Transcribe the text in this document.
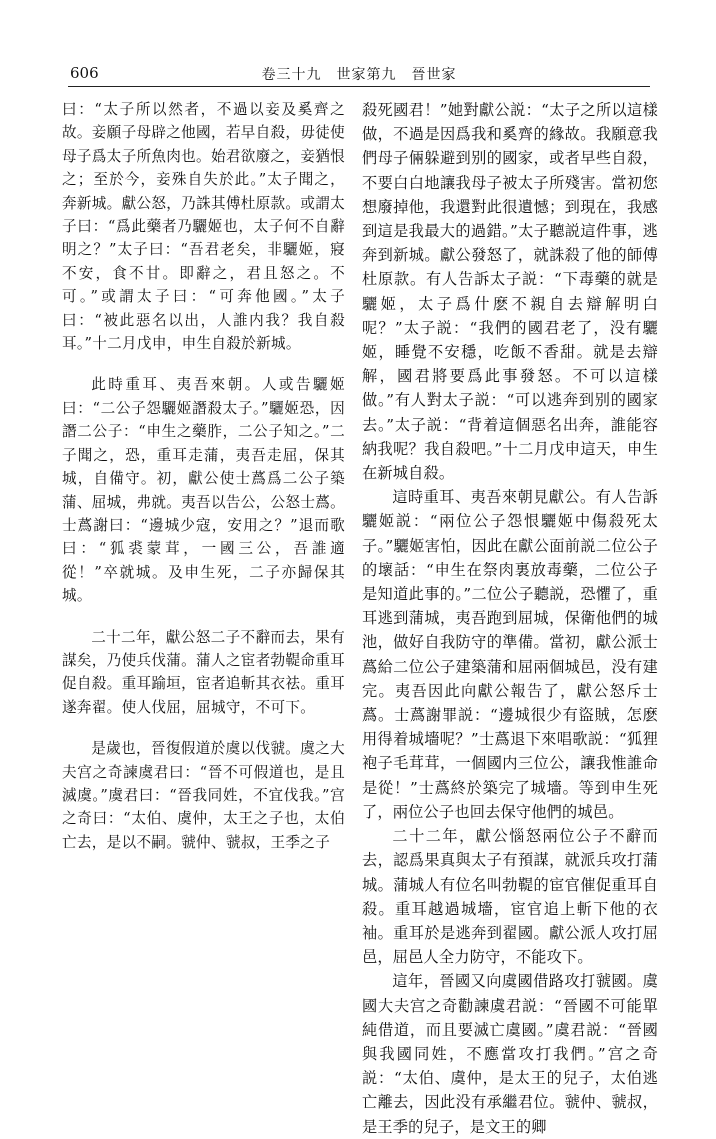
606	卷三十九　世家第九　晉世家

曰：“太子所以然者，不過以妾及奚齊之故。妾願子母辟之他國，若早自殺，毋徒使母子爲太子所魚肉也。始君欲廢之，妾猶恨之；至於今，妾殊自失於此。”太子聞之，奔新城。獻公怒，乃誅其傅杜原款。或謂太子曰：“爲此藥者乃驪姬也，太子何不自辭明之？”太子曰：“吾君老矣，非驪姬，寢不安，食不甘。即辭之，君且怒之。不可。”或謂太子曰：“可奔他國。”太子曰：“被此惡名以出，人誰内我？我自殺耳。”十二月戊申，申生自殺於新城。

此時重耳、夷吾來朝。人或告驪姬曰：“二公子怨驪姬譖殺太子。”驪姬恐，因譖二公子：“申生之藥胙，二公子知之。”二子聞之，恐，重耳走蒲，夷吾走屈，保其城，自備守。初，獻公使士蔿爲二公子築蒲、屈城，弗就。夷吾以告公，公怒士蔿。士蔿謝曰：“邊城少寇，安用之？”退而歌曰：“狐裘蒙茸，一國三公，吾誰適從！”卒就城。及申生死，二子亦歸保其城。

二十二年，獻公怒二子不辭而去，果有謀矣，乃使兵伐蒲。蒲人之宦者勃鞮命重耳促自殺。重耳踰垣，宦者追斬其衣祛。重耳遂奔翟。使人伐屈，屈城守，不可下。

是歲也，晉復假道於虞以伐虢。虞之大夫宫之奇諫虞君曰：“晉不可假道也，是且滅虞。”虞君曰：“晉我同姓，不宜伐我。”宫之奇曰：“太伯、虞仲，太王之子也，太伯亡去，是以不嗣。虢仲、虢叔，王季之子

殺死國君！”她對獻公説：“太子之所以這樣做，不過是因爲我和奚齊的緣故。我願意我們母子倆躲避到别的國家，或者早些自殺，不要白白地讓我母子被太子所殘害。當初您想廢掉他，我還對此很遺憾；到現在，我感到這是我最大的過錯。”太子聽説這件事，逃奔到新城。獻公發怒了，就誅殺了他的師傅杜原款。有人告訴太子説：“下毒藥的就是驪姬，太子爲什麽不親自去辯解明白呢？”太子説：“我們的國君老了，没有驪姬，睡覺不安穩，吃飯不香甜。就是去辯解，國君將要爲此事發怒。不可以這樣做。”有人對太子説：“可以逃奔到别的國家去。”太子説：“背着這個惡名出奔，誰能容納我呢？我自殺吧。”十二月戊申這天，申生在新城自殺。

這時重耳、夷吾來朝見獻公。有人告訴驪姬説：“兩位公子怨恨驪姬中傷殺死太子。”驪姬害怕，因此在獻公面前説二位公子的壞話：“申生在祭肉裏放毒藥，二位公子是知道此事的。”二位公子聽説，恐懼了，重耳逃到蒲城，夷吾跑到屈城，保衛他們的城池，做好自我防守的準備。當初，獻公派士蔿給二位公子建築蒲和屈兩個城邑，没有建完。夷吾因此向獻公報告了，獻公怒斥士蔿。士蔿謝罪説：“邊城很少有盜賊，怎麽用得着城墻呢？”士蔿退下來唱歌説：“狐狸袍子毛茸茸，一個國内三位公，讓我惟誰命是從！”士蔿終於築完了城墻。等到申生死了，兩位公子也回去保守他們的城邑。

二十二年，獻公惱怒兩位公子不辭而去，認爲果真與太子有預謀，就派兵攻打蒲城。蒲城人有位名叫勃鞮的宦官催促重耳自殺。重耳越過城墻，宦官追上斬下他的衣袖。重耳於是逃奔到翟國。獻公派人攻打屈邑，屈邑人全力防守，不能攻下。

這年，晉國又向虞國借路攻打虢國。虞國大夫宫之奇勸諫虞君説：“晉國不可能單純借道，而且要滅亡虞國。”虞君説：“晉國與我國同姓，不應當攻打我們。”宫之奇説：“太伯、虞仲，是太王的兒子，太伯逃亡離去，因此没有承繼君位。虢仲、虢叔，是王季的兒子，是文王的卿
